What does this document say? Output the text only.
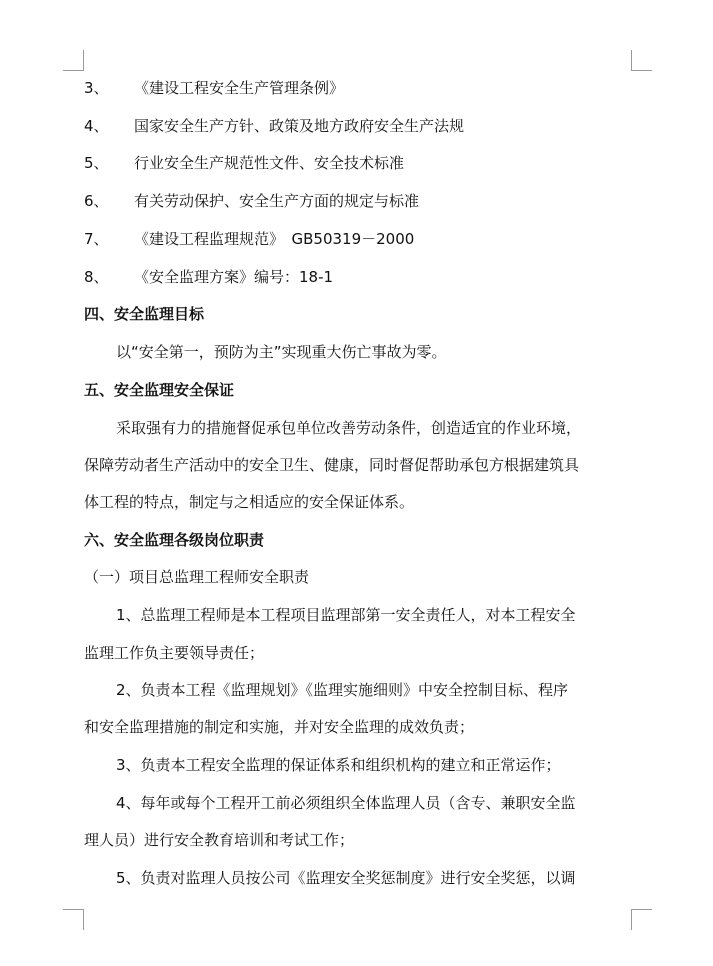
3、 《建设工程安全生产管理条例》
4、 国家安全生产方针、政策及地方政府安全生产法规
5、 行业安全生产规范性文件、安全技术标准
6、 有关劳动保护、安全生产方面的规定与标准
7、 《建设工程监理规范》　GB50319－2000
8、 《安全监理方案》编号：18-1
四、安全监理目标
以“安全第一，预防为主”实现重大伤亡事故为零。
五、安全监理安全保证
采取强有力的措施督促承包单位改善劳动条件，创造适宜的作业环境，
保障劳动者生产活动中的安全卫生、健康，同时督促帮助承包方根据建筑具
体工程的特点，制定与之相适应的安全保证体系。
六、安全监理各级岗位职责
（一）项目总监理工程师安全职责
1、总监理工程师是本工程项目监理部第一安全责任人，对本工程安全
监理工作负主要领导责任；
2、负责本工程《监理规划》《监理实施细则》中安全控制目标、程序
和安全监理措施的制定和实施，并对安全监理的成效负责；
3、负责本工程安全监理的保证体系和组织机构的建立和正常运作；
4、每年或每个工程开工前必须组织全体监理人员（含专、兼职安全监
理人员）进行安全教育培训和考试工作；
5、负责对监理人员按公司《监理安全奖惩制度》进行安全奖惩，以调
